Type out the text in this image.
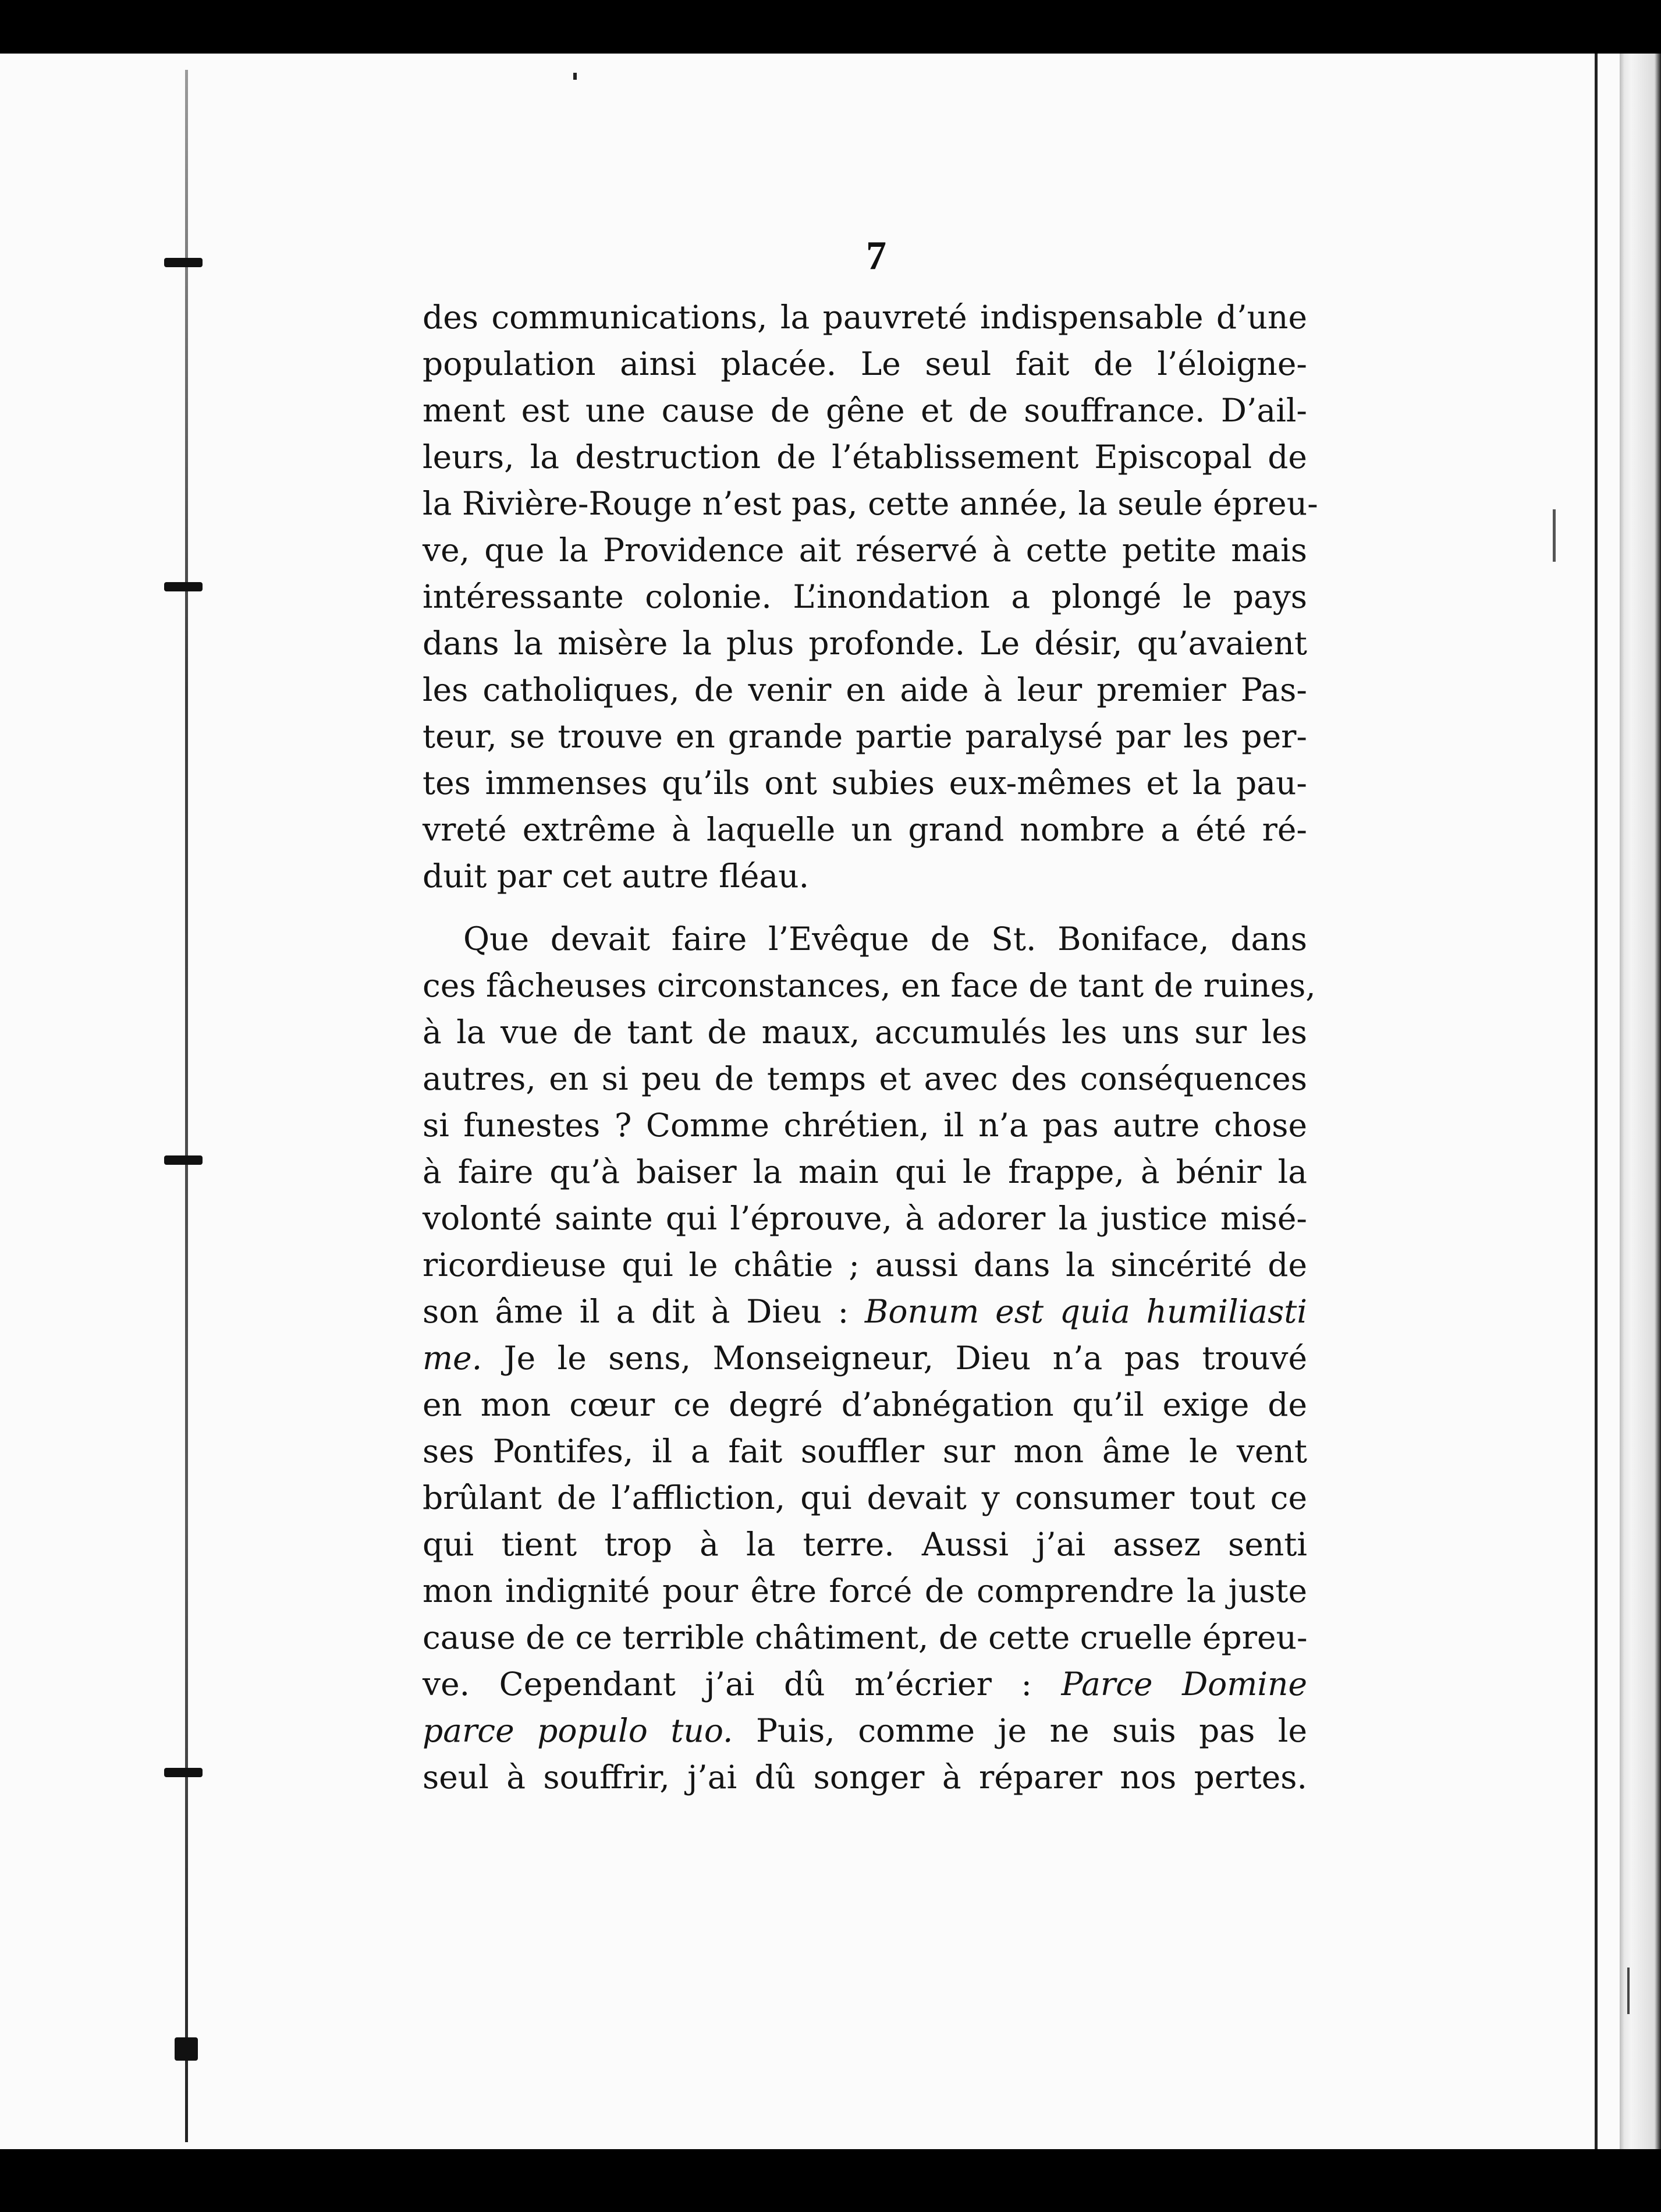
7
des communications, la pauvreté indispensable d’une
population ainsi placée. Le seul fait de l’éloigne-
ment est une cause de gêne et de souffrance. D’ail-
leurs, la destruction de l’établissement Episcopal de
la Rivière-Rouge n’est pas, cette année, la seule épreu-
ve, que la Providence ait réservé à cette petite mais
intéressante colonie. L’inondation a plongé le pays
dans la misère la plus profonde. Le désir, qu’avaient
les catholiques, de venir en aide à leur premier Pas-
teur, se trouve en grande partie paralysé par les per-
tes immenses qu’ils ont subies eux-mêmes et la pau-
vreté extrême à laquelle un grand nombre a été ré-
duit par cet autre fléau.
Que devait faire l’Evêque de St. Boniface, dans
ces fâcheuses circonstances, en face de tant de ruines,
à la vue de tant de maux, accumulés les uns sur les
autres, en si peu de temps et avec des conséquences
si funestes ? Comme chrétien, il n’a pas autre chose
à faire qu’à baiser la main qui le frappe, à bénir la
volonté sainte qui l’éprouve, à adorer la justice misé-
ricordieuse qui le châtie ; aussi dans la sincérité de
son âme il a dit à Dieu : Bonum est quia humiliasti
me. Je le sens, Monseigneur, Dieu n’a pas trouvé
en mon cœur ce degré d’abnégation qu’il exige de
ses Pontifes, il a fait souffler sur mon âme le vent
brûlant de l’affliction, qui devait y consumer tout ce
qui tient trop à la terre. Aussi j’ai assez senti
mon indignité pour être forcé de comprendre la juste
cause de ce terrible châtiment, de cette cruelle épreu-
ve. Cependant j’ai dû m’écrier : Parce Domine
parce populo tuo. Puis, comme je ne suis pas le
seul à souffrir, j’ai dû songer à réparer nos pertes.
